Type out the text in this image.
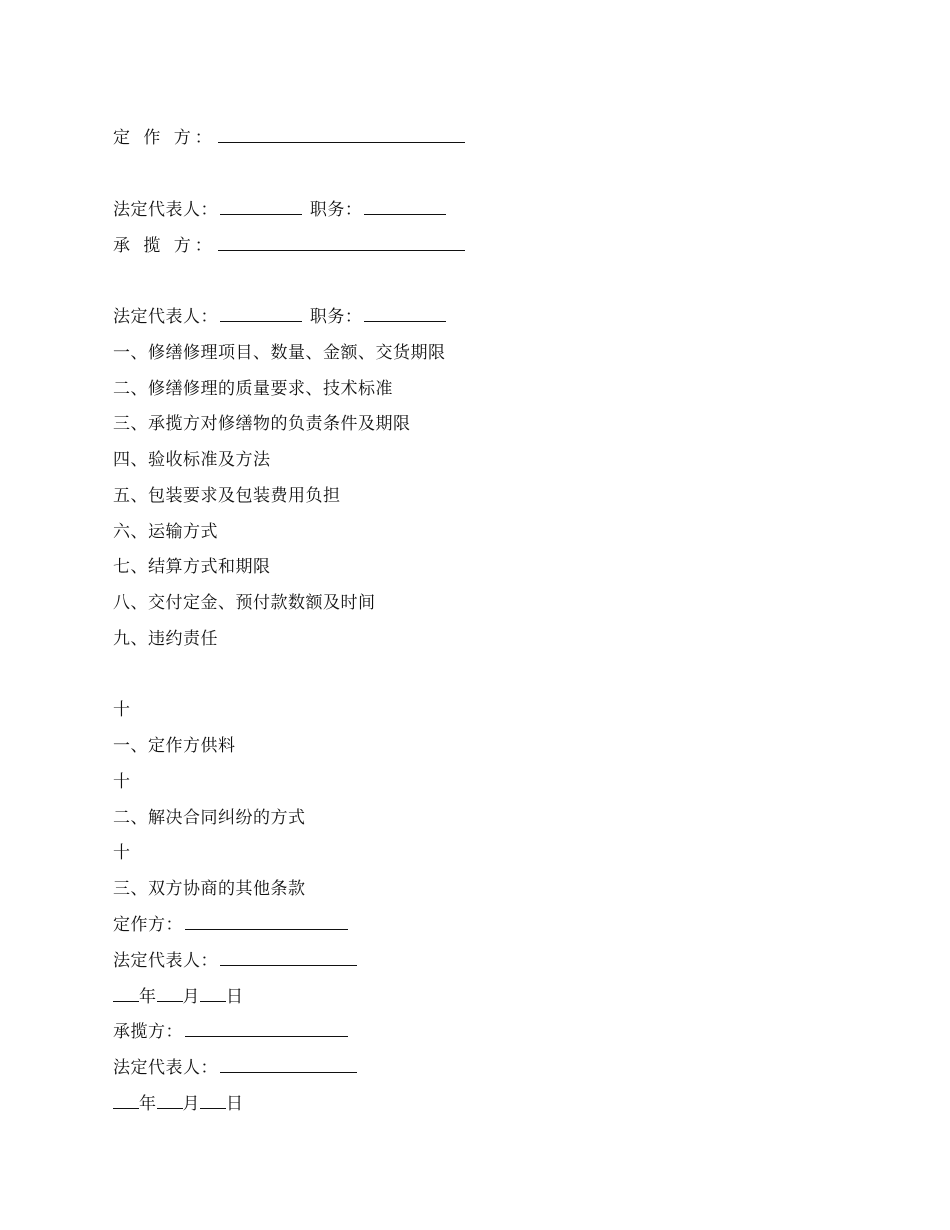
定 作 方：
法定代表人：	职务：
承 揽 方：
法定代表人：	职务：
一、修缮修理项目、数量、金额、交货期限
二、修缮修理的质量要求、技术标准
三、承揽方对修缮物的负责条件及期限
四、验收标准及方法
五、包装要求及包装费用负担
六、运输方式
七、结算方式和期限
八、交付定金、预付款数额及时间
九、违约责任
十
一、定作方供料
十
二、解决合同纠纷的方式
十
三、双方协商的其他条款
定作方：
法定代表人：
年 月 日
承揽方：
法定代表人：
年 月 日
